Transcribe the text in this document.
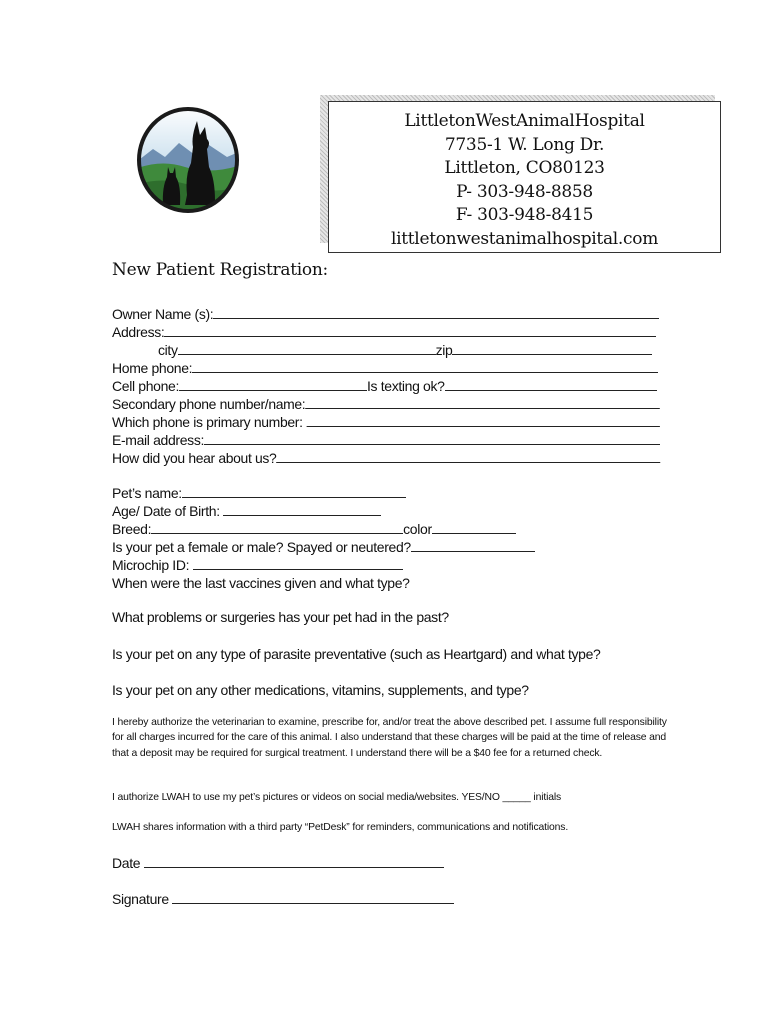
LittletonWestAnimalHospital
7735-1 W. Long Dr.
Littleton, CO80123
P- 303-948-8858
F- 303-948-8415
littletonwestanimalhospital.com
New Patient Registration:
Owner Name (s):
Address:
city	zip
Home phone:
Cell phone:	Is texting ok?
Secondary phone number/name:
Which phone is primary number:
E-mail address:
How did you hear about us?
Pet’s name:
Age/ Date of Birth:
Breed:	color
Is your pet a female or male? Spayed or neutered?
Microchip ID:
When were the last vaccines given and what type?
What problems or surgeries has your pet had in the past?
Is your pet on any type of parasite preventative (such as Heartgard) and what type?
Is your pet on any other medications, vitamins, supplements, and type?
I hereby authorize the veterinarian to examine, prescribe for, and/or treat the above described pet. I assume full responsibility for all charges incurred for the care of this animal. I also understand that these charges will be paid at the time of release and that a deposit may be required for surgical treatment. I understand there will be a $40 fee for a returned check.
I authorize LWAH to use my pet’s pictures or videos on social media/websites. YES/NO _____ initials
LWAH shares information with a third party “PetDesk” for reminders, communications and notifications.
Date
Signature
